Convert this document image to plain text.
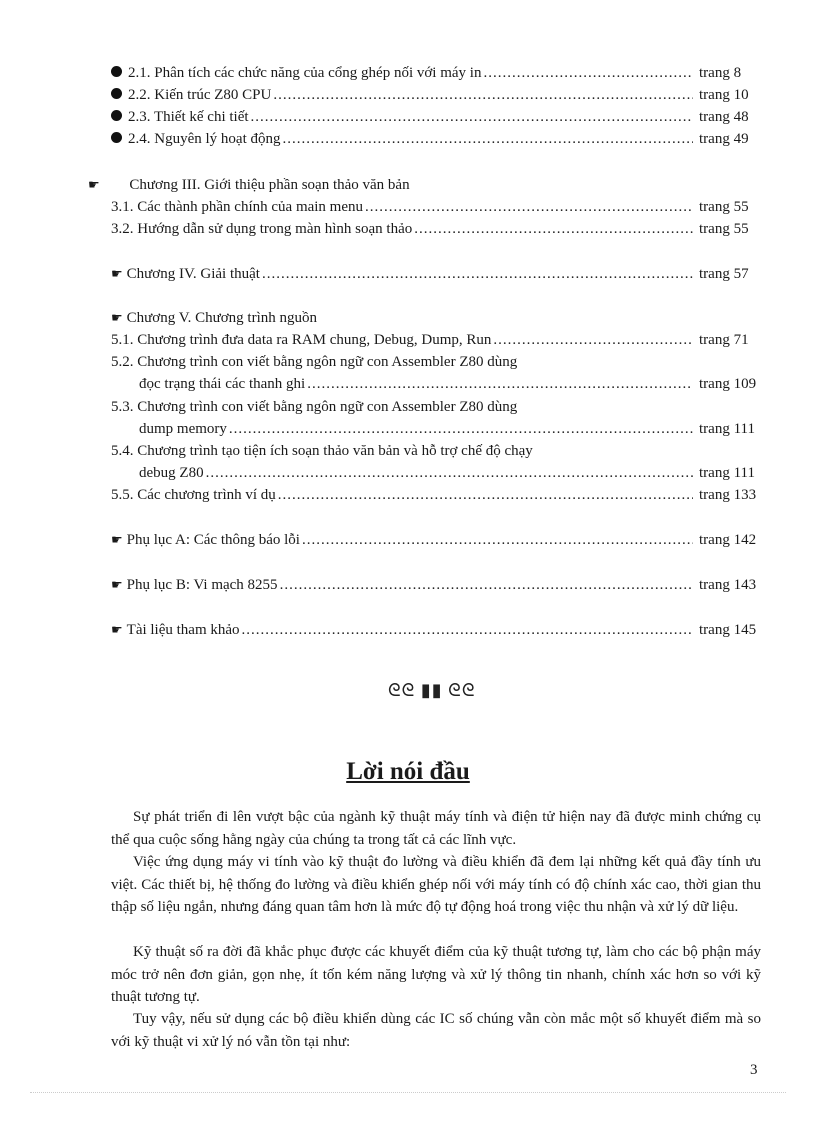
2.1. Phân tích các chức năng của cổng ghép nối với máy in .....	trang 8
2.2. Kiến trúc Z80 CPU .....	trang 10
2.3. Thiết kế chi tiết .....	trang 48
2.4. Nguyên lý hoạt động .....	trang 49
☛ Chương III. Giới thiệu phần soạn thảo văn bản
3.1. Các thành phần chính của main menu .....	trang 55
3.2. Hướng dẫn sử dụng trong màn hình soạn thảo .....	trang 55
☛ Chương IV. Giải thuật .....	trang 57
☛ Chương V. Chương trình nguồn
5.1. Chương trình đưa data ra RAM chung, Debug, Dump, Run .....	trang 71
5.2. Chương trình con viết bằng ngôn ngữ con Assembler Z80 dùng
đọc trạng thái các thanh ghi .....	trang 109
5.3. Chương trình con viết bằng ngôn ngữ con Assembler Z80 dùng
dump memory .....	trang 111
5.4. Chương trình tạo tiện ích soạn thảo văn bản và hỗ trợ chế độ chạy
debug Z80 .....	trang 111
5.5. Các chương trình ví dụ .....	trang 133
☛ Phụ lục A: Các thông báo lỗi .....	trang 142
☛ Phụ lục B: Vi mạch 8255 .....	trang 143
☛ Tài liệu tham khảo .....	trang 145
ᘓᘓ ▮▮ ᘓᘓ
Lời nói đầu

Sự phát triển đi lên vượt bậc của ngành kỹ thuật máy tính và điện tử hiện nay đã được minh chứng cụ thể qua cuộc sống hằng ngày của chúng ta trong tất cả các lĩnh vực.

Việc ứng dụng máy vi tính vào kỹ thuật đo lường và điều khiển đã đem lại những kết quả đầy tính ưu việt. Các thiết bị, hệ thống đo lường và điều khiển ghép nối với máy tính có độ chính xác cao, thời gian thu thập số liệu ngắn, nhưng đáng quan tâm hơn là mức độ tự động hoá trong việc thu nhận và xử lý dữ liệu.

Kỹ thuật số ra đời đã khắc phục được các khuyết điểm của kỹ thuật tương tự, làm cho các bộ phận máy móc trở nên đơn giản, gọn nhẹ, ít tốn kém năng lượng và xử lý thông tin nhanh, chính xác hơn so với kỹ thuật tương tự.

Tuy vậy, nếu sử dụng các bộ điều khiển dùng các IC số chúng vẫn còn mắc một số khuyết điểm mà so với kỹ thuật vi xử lý nó vẫn tồn tại như:

3
